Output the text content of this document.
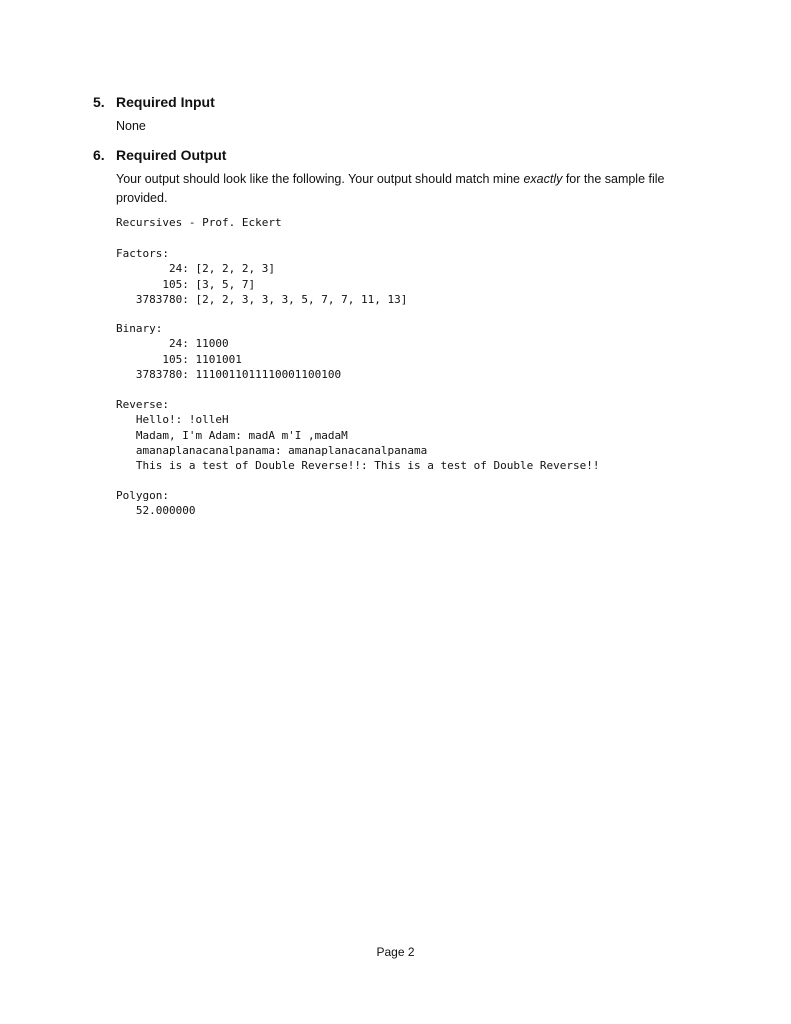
5. Required Input
None
6. Required Output
Your output should look like the following. Your output should match mine exactly for the sample file provided.
Recursives - Prof. Eckert
Factors:
24: [2, 2, 2, 3]
105: [3, 5, 7]
3783780: [2, 2, 3, 3, 3, 5, 7, 7, 11, 13]
Binary:
24: 11000
105: 1101001
3783780: 1110011011110001100100
Reverse:
Hello!: !olleH
Madam, I'm Adam: madA m'I ,madaM
amanaplanacanalpanama: amanaplanacanalpanama
This is a test of Double Reverse!!: This is a test of Double Reverse!!
Polygon:
52.000000
Page 2
